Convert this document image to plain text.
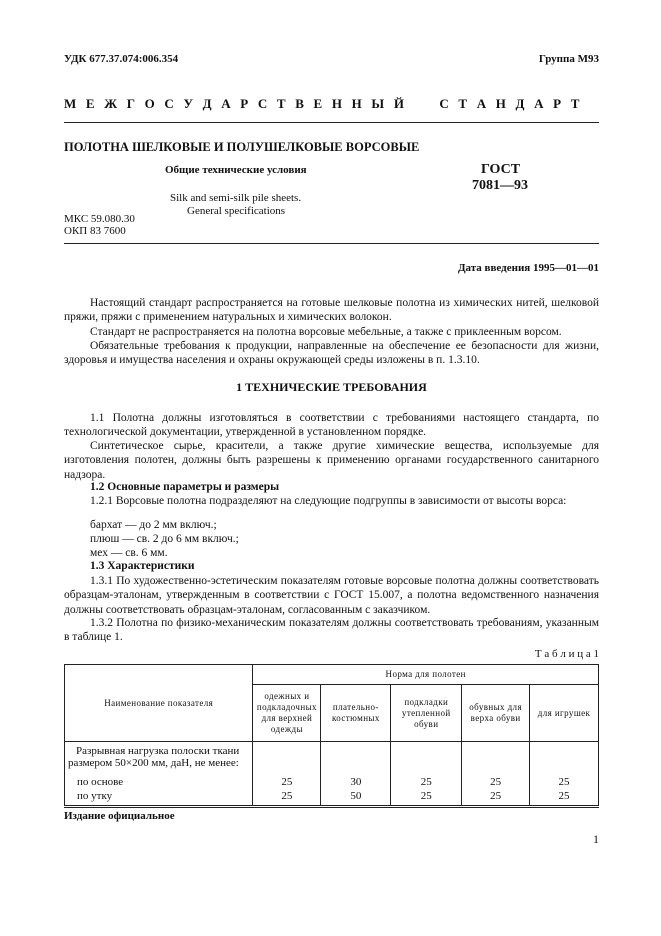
УДК 677.37.074:006.354	Группа М93
М Е Ж Г О С У Д А Р С Т В Е Н Н Ы Й     С Т А Н Д А Р Т
ПОЛОТНА ШЕЛКОВЫЕ И ПОЛУШЕЛКОВЫЕ ВОРСОВЫЕ
Общие технические условия	ГОСТ
7081—93
Silk and semi-silk pile sheets.
General specifications
МКС 59.080.30
ОКП 83 7600
Дата введения 1995—01—01
Настоящий стандарт распространяется на готовые шелковые полотна из химических нитей, шелковой пряжи, пряжи с применением натуральных и химических волокон.
Стандарт не распространяется на полотна ворсовые мебельные, а также с приклеенным ворсом.
Обязательные требования к продукции, направленные на обеспечение ее безопасности для жизни, здоровья и имущества населения и охраны окружающей среды изложены в п. 1.3.10.
1 ТЕХНИЧЕСКИЕ ТРЕБОВАНИЯ
1.1 Полотна должны изготовляться в соответствии с требованиями настоящего стандарта, по технологической документации, утвержденной в установленном порядке.
Синтетическое сырье, красители, а также другие химические вещества, используемые для изготовления полотен, должны быть разрешены к применению органами государственного санитарного надзора.
1.2 Основные параметры и размеры
1.2.1 Ворсовые полотна подразделяют на следующие подгруппы в зависимости от высоты ворса:
бархат — до 2 мм включ.;
плюш — св. 2 до 6 мм включ.;
мех — св. 6 мм.
1.3 Характеристики
1.3.1 По художественно-эстетическим показателям готовые ворсовые полотна должны соответствовать образцам-эталонам, утвержденным в соответствии с ГОСТ 15.007, а полотна ведомственного назначения должны соответствовать образцам-эталонам, согласованным с заказчиком.
1.3.2 Полотна по физико-механическим показателям должны соответствовать требованиям, указанным в таблице 1.
Т а б л и ц а 1
Наименование показателя	Норма для полотен				
	одежных и подкладочных для верхней одежды	плательно-костюмных	подкладки утепленной обуви	обувных для верха обуви	для игрушек
Разрывная нагрузка полоски ткани размером 50×200 мм, даН, не менее:					
по основе	25	30	25	25	25
по утку	25	50	25	25	25
Издание официальное
1
